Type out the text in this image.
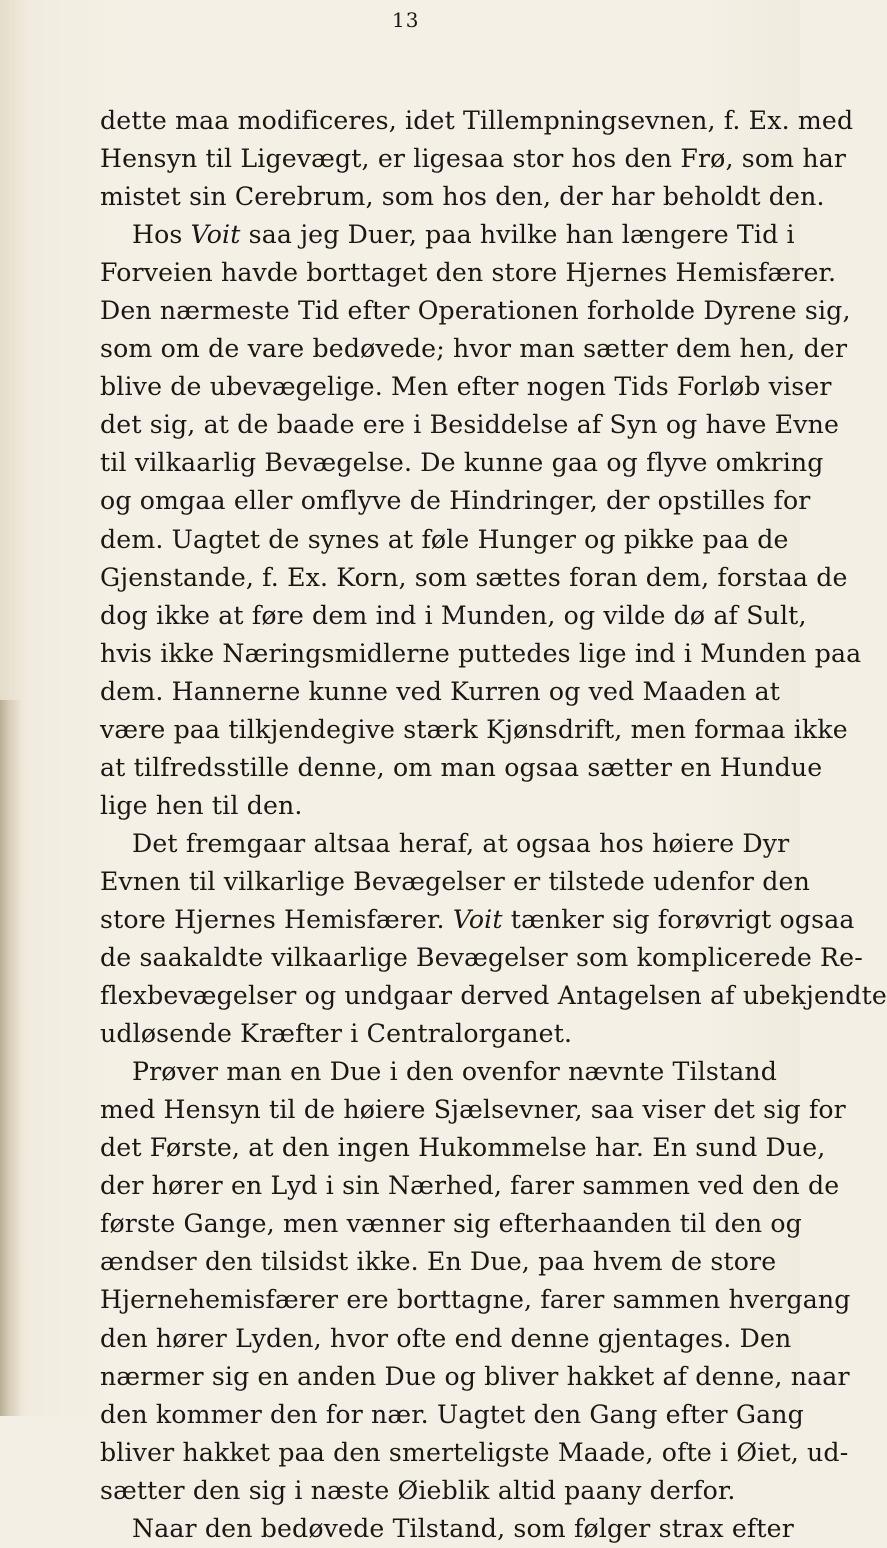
13
dette maa modificeres, idet Tillempningsevnen, f. Ex. med
Hensyn til Ligevægt, er ligesaa stor hos den Frø, som har
mistet sin Cerebrum, som hos den, der har beholdt den.
Hos Voit saa jeg Duer, paa hvilke han længere Tid i
Forveien havde borttaget den store Hjernes Hemisfærer.
Den nærmeste Tid efter Operationen forholde Dyrene sig,
som om de vare bedøvede; hvor man sætter dem hen, der
blive de ubevægelige. Men efter nogen Tids Forløb viser
det sig, at de baade ere i Besiddelse af Syn og have Evne
til vilkaarlig Bevægelse. De kunne gaa og flyve omkring
og omgaa eller omflyve de Hindringer, der opstilles for
dem. Uagtet de synes at føle Hunger og pikke paa de
Gjenstande, f. Ex. Korn, som sættes foran dem, forstaa de
dog ikke at føre dem ind i Munden, og vilde dø af Sult,
hvis ikke Næringsmidlerne puttedes lige ind i Munden paa
dem. Hannerne kunne ved Kurren og ved Maaden at
være paa tilkjendegive stærk Kjønsdrift, men formaa ikke
at tilfredsstille denne, om man ogsaa sætter en Hundue
lige hen til den.
Det fremgaar altsaa heraf, at ogsaa hos høiere Dyr
Evnen til vilkarlige Bevægelser er tilstede udenfor den
store Hjernes Hemisfærer. Voit tænker sig forøvrigt ogsaa
de saakaldte vilkaarlige Bevægelser som komplicerede Re-
flexbevægelser og undgaar derved Antagelsen af ubekjendte
udløsende Kræfter i Centralorganet.
Prøver man en Due i den ovenfor nævnte Tilstand
med Hensyn til de høiere Sjælsevner, saa viser det sig for
det Første, at den ingen Hukommelse har. En sund Due,
der hører en Lyd i sin Nærhed, farer sammen ved den de
første Gange, men vænner sig efterhaanden til den og
ændser den tilsidst ikke. En Due, paa hvem de store
Hjernehemisfærer ere borttagne, farer sammen hvergang
den hører Lyden, hvor ofte end denne gjentages. Den
nærmer sig en anden Due og bliver hakket af denne, naar
den kommer den for nær. Uagtet den Gang efter Gang
bliver hakket paa den smerteligste Maade, ofte i Øiet, ud-
sætter den sig i næste Øieblik altid paany derfor.
Naar den bedøvede Tilstand, som følger strax efter
